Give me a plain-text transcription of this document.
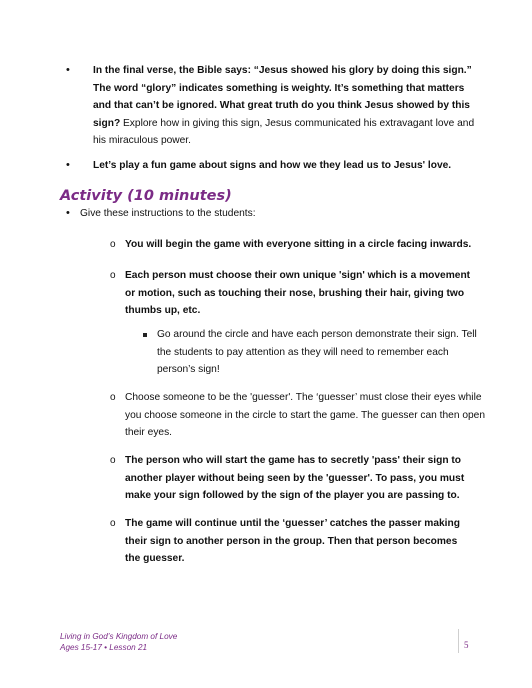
• In the final verse, the Bible says: “Jesus showed his glory by doing this sign.” The word “glory” indicates something is weighty. It’s something that matters and that can’t be ignored. What great truth do you think Jesus showed by this sign? Explore how in giving this sign, Jesus communicated his extravagant love and his miraculous power.
• Let’s play a fun game about signs and how we they lead us to Jesus' love.
Activity (10 minutes)
• Give these instructions to the students:
o You will begin the game with everyone sitting in a circle facing inwards.
o Each person must choose their own unique 'sign' which is a movement or motion, such as touching their nose, brushing their hair, giving two thumbs up, etc.
Go around the circle and have each person demonstrate their sign. Tell the students to pay attention as they will need to remember each person’s sign!
o Choose someone to be the 'guesser'. The ‘guesser’ must close their eyes while you choose someone in the circle to start the game. The guesser can then open their eyes.
o The person who will start the game has to secretly 'pass' their sign to another player without being seen by the 'guesser'. To pass, you must make your sign followed by the sign of the player you are passing to.
o The game will continue until the ‘guesser’ catches the passer making their sign to another person in the group. Then that person becomes the guesser.
Living in God’s Kingdom of Love
Ages 15-17 • Lesson 21	5
